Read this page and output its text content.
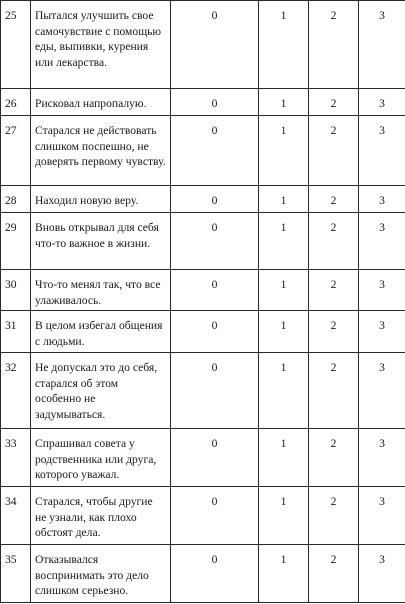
25	Пытался улучшить свое самочувствие с помощью еды, выпивки, курения или лекарства.	0	1	2	3
26	Рисковал напропалую.	0	1	2	3
27	Старался не действовать слишком поспешно, не доверять первому чувству.	0	1	2	3
28	Находил новую веру.	0	1	2	3
29	Вновь открывал для себя что-то важное в жизни.	0	1	2	3
30	Что-то менял так, что все улаживалось.	0	1	2	3
31	В целом избегал общения с людьми.	0	1	2	3
32	Не допускал это до себя, старался об этом особенно не задумываться.	0	1	2	3
33	Спрашивал совета у родственника или друга, которого уважал.	0	1	2	3
34	Старался, чтобы другие не узнали, как плохо обстоят дела.	0	1	2	3
35	Отказывался воспринимать это дело слишком серьезно.	0	1	2	3
